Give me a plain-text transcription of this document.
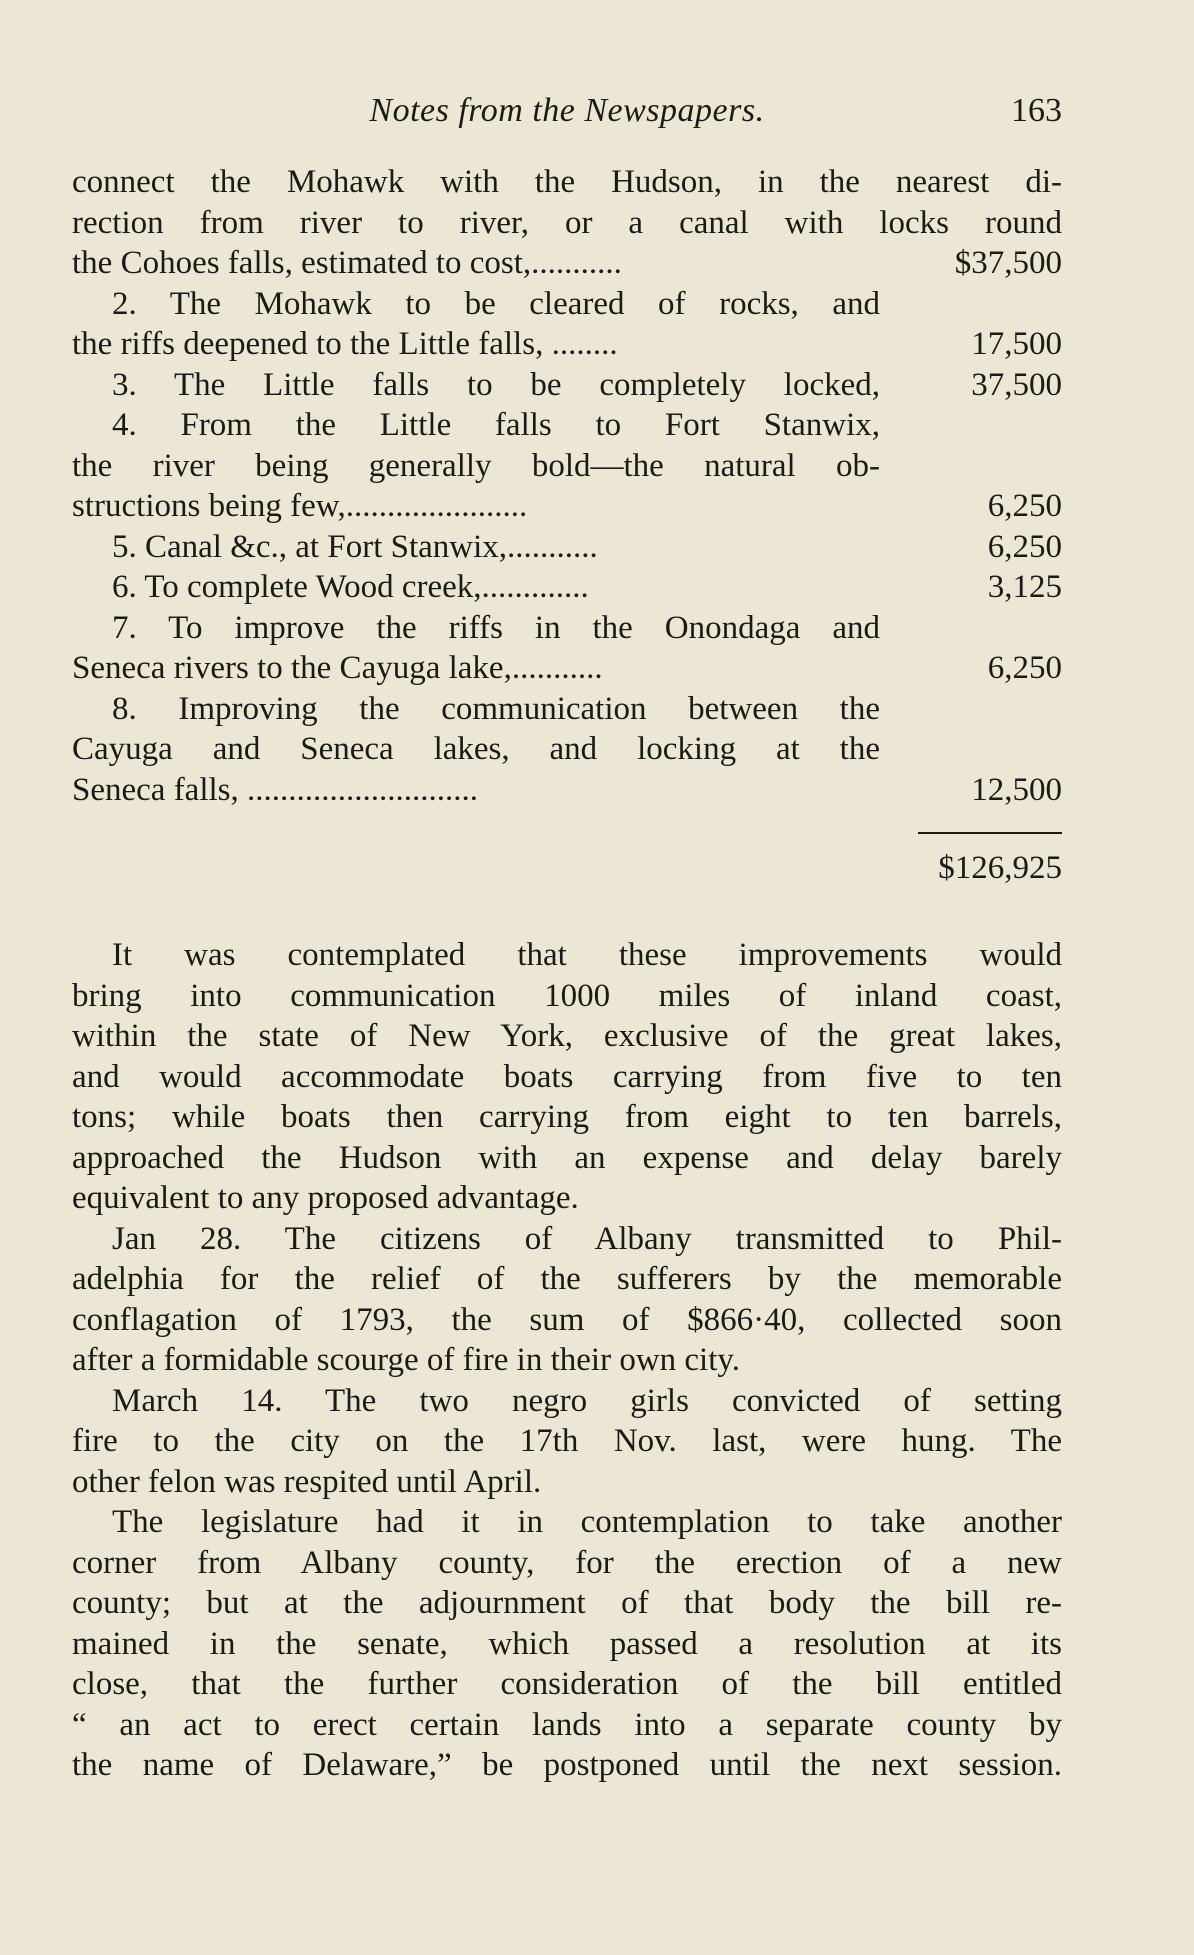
Notes from the Newspapers.	163
connect the Mohawk with the Hudson, in the nearest di-
rection from river to river, or a canal with locks round
the Cohoes falls, estimated to cost,...........	$37,500
2. The Mohawk to be cleared of rocks, and
the riffs deepened to the Little falls, ........	17,500
3. The Little falls to be completely locked,	37,500
4. From the Little falls to Fort Stanwix,
the river being generally bold—the natural ob-
structions being few,......................	6,250
5. Canal &c., at Fort Stanwix,...........	6,250
6. To complete Wood creek,.............	3,125
7. To improve the riffs in the Onondaga and
Seneca rivers to the Cayuga lake,...........	6,250
8. Improving the communication between the
Cayuga and Seneca lakes, and locking at the
Seneca falls, ............................	12,500
$126,925
It was contemplated that these improvements would
bring into communication 1000 miles of inland coast,
within the state of New York, exclusive of the great lakes,
and would accommodate boats carrying from five to ten
tons; while boats then carrying from eight to ten barrels,
approached the Hudson with an expense and delay barely
equivalent to any proposed advantage.
Jan 28. The citizens of Albany transmitted to Phil-
adelphia for the relief of the sufferers by the memorable
conflagation of 1793, the sum of $866·40, collected soon
after a formidable scourge of fire in their own city.
March 14. The two negro girls convicted of setting
fire to the city on the 17th Nov. last, were hung. The
other felon was respited until April.
The legislature had it in contemplation to take another
corner from Albany county, for the erection of a new
county; but at the adjournment of that body the bill re-
mained in the senate, which passed a resolution at its
close, that the further consideration of the bill entitled
“ an act to erect certain lands into a separate county by
the name of Delaware,” be postponed until the next session.
